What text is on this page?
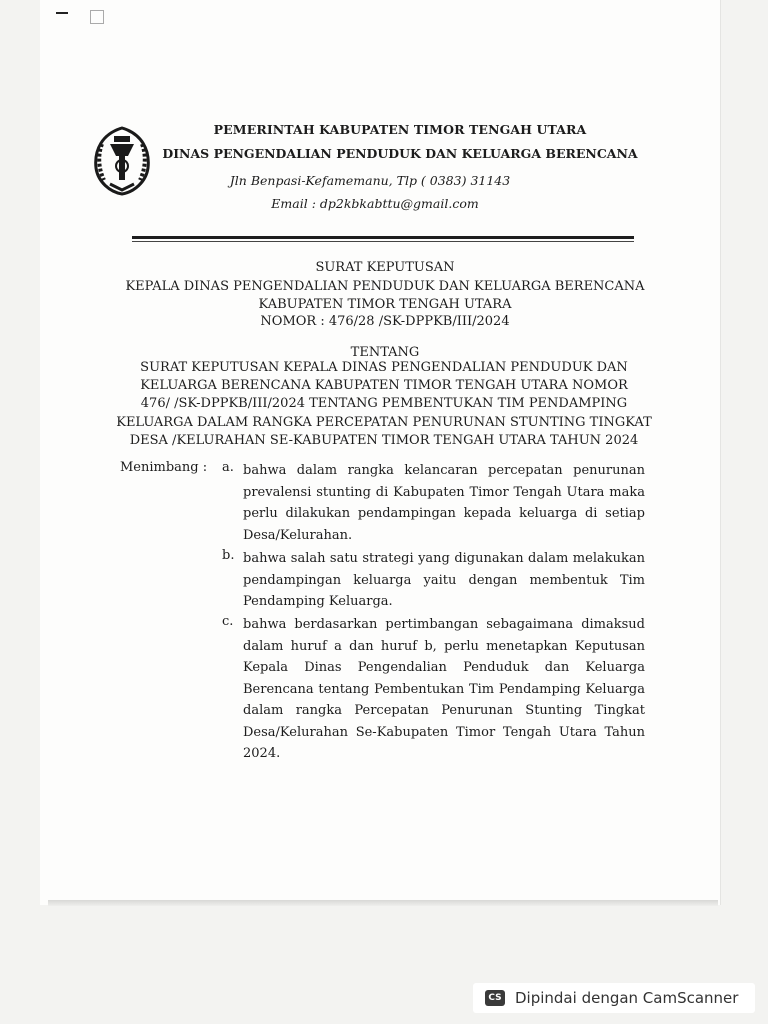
PEMERINTAH KABUPATEN TIMOR TENGAH UTARA
DINAS PENGENDALIAN PENDUDUK DAN KELUARGA BERENCANA
Jln Benpasi-Kefamemanu, Tlp ( 0383) 31143
Email : dp2kbkabttu@gmail.com
SURAT KEPUTUSAN
KEPALA DINAS PENGENDALIAN PENDUDUK DAN KELUARGA BERENCANA
KABUPATEN TIMOR TENGAH UTARA
NOMOR : 476/28 /SK-DPPKB/III/2024
TENTANG
SURAT KEPUTUSAN KEPALA DINAS PENGENDALIAN PENDUDUK DAN
KELUARGA BERENCANA KABUPATEN TIMOR TENGAH UTARA NOMOR
476/ /SK-DPPKB/III/2024 TENTANG PEMBENTUKAN TIM PENDAMPING
KELUARGA DALAM RANGKA PERCEPATAN PENURUNAN STUNTING TINGKAT
DESA /KELURAHAN SE-KABUPATEN TIMOR TENGAH UTARA TAHUN 2024
Menimbang : a. bahwa dalam rangka kelancaran percepatan penurunan prevalensi stunting di Kabupaten Timor Tengah Utara maka perlu dilakukan pendampingan kepada keluarga di setiap Desa/Kelurahan.
b. bahwa salah satu strategi yang digunakan dalam melakukan pendampingan keluarga yaitu dengan membentuk Tim Pendamping Keluarga.
c. bahwa berdasarkan pertimbangan sebagaimana dimaksud dalam huruf a dan huruf b, perlu menetapkan Keputusan Kepala Dinas Pengendalian Penduduk dan Keluarga Berencana tentang Pembentukan Tim Pendamping Keluarga dalam rangka Percepatan Penurunan Stunting Tingkat Desa/Kelurahan Se-Kabupaten Timor Tengah Utara Tahun 2024.
CS Dipindai dengan CamScanner
